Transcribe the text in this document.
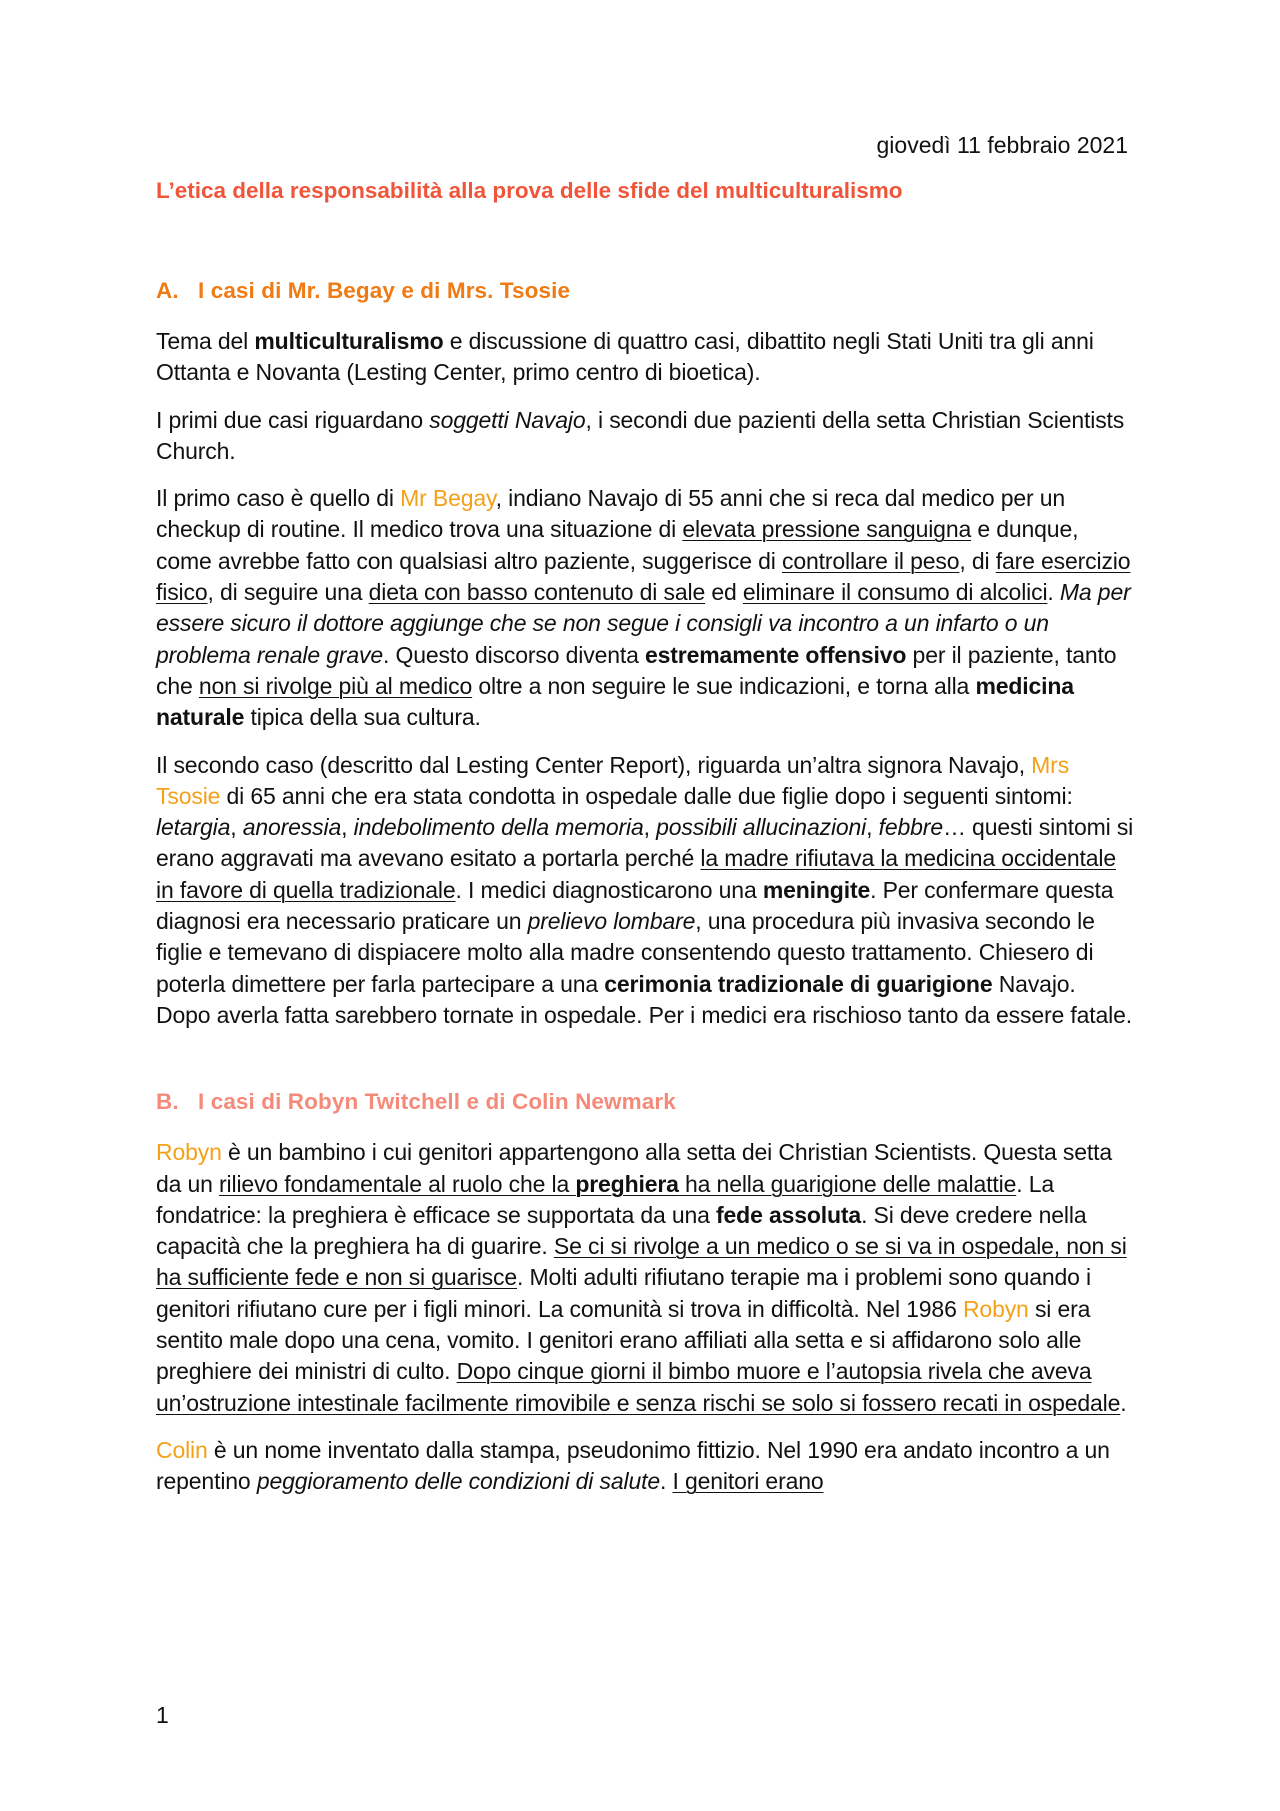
giovedì 11 febbraio 2021
L’etica della responsabilità alla prova delle sfide del multiculturalismo
A. I casi di Mr. Begay e di Mrs. Tsosie

Tema del multiculturalismo e discussione di quattro casi, dibattito negli Stati Uniti tra gli anni Ottanta e Novanta (Lesting Center, primo centro di bioetica).

I primi due casi riguardano soggetti Navajo, i secondi due pazienti della setta Christian Scientists Church.

Il primo caso è quello di Mr Begay, indiano Navajo di 55 anni che si reca dal medico per un checkup di routine. Il medico trova una situazione di elevata pressione sanguigna e dunque, come avrebbe fatto con qualsiasi altro paziente, suggerisce di controllare il peso, di fare esercizio fisico, di seguire una dieta con basso contenuto di sale ed eliminare il consumo di alcolici. Ma per essere sicuro il dottore aggiunge che se non segue i consigli va incontro a un infarto o un problema renale grave. Questo discorso diventa estremamente offensivo per il paziente, tanto che non si rivolge più al medico oltre a non seguire le sue indicazioni, e torna alla medicina naturale tipica della sua cultura.

Il secondo caso (descritto dal Lesting Center Report), riguarda un’altra signora Navajo, Mrs Tsosie di 65 anni che era stata condotta in ospedale dalle due figlie dopo i seguenti sintomi: letargia, anoressia, indebolimento della memoria, possibili allucinazioni, febbre… questi sintomi si erano aggravati ma avevano esitato a portarla perché la madre rifiutava la medicina occidentale in favore di quella tradizionale. I medici diagnosticarono una meningite. Per confermare questa diagnosi era necessario praticare un prelievo lombare, una procedura più invasiva secondo le figlie e temevano di dispiacere molto alla madre consentendo questo trattamento. Chiesero di poterla dimettere per farla partecipare a una cerimonia tradizionale di guarigione Navajo. Dopo averla fatta sarebbero tornate in ospedale. Per i medici era rischioso tanto da essere fatale.

B. I casi di Robyn Twitchell e di Colin Newmark

Robyn è un bambino i cui genitori appartengono alla setta dei Christian Scientists. Questa setta da un rilievo fondamentale al ruolo che la preghiera ha nella guarigione delle malattie. La fondatrice: la preghiera è efficace se supportata da una fede assoluta. Si deve credere nella capacità che la preghiera ha di guarire. Se ci si rivolge a un medico o se si va in ospedale, non si ha sufficiente fede e non si guarisce. Molti adulti rifiutano terapie ma i problemi sono quando i genitori rifiutano cure per i figli minori. La comunità si trova in difficoltà. Nel 1986 Robyn si era sentito male dopo una cena, vomito. I genitori erano affiliati alla setta e si affidarono solo alle preghiere dei ministri di culto. Dopo cinque giorni il bimbo muore e l’autopsia rivela che aveva un’ostruzione intestinale facilmente rimovibile e senza rischi se solo si fossero recati in ospedale.

Colin è un nome inventato dalla stampa, pseudonimo fittizio. Nel 1990 era andato incontro a un repentino peggioramento delle condizioni di salute. I genitori erano

1
